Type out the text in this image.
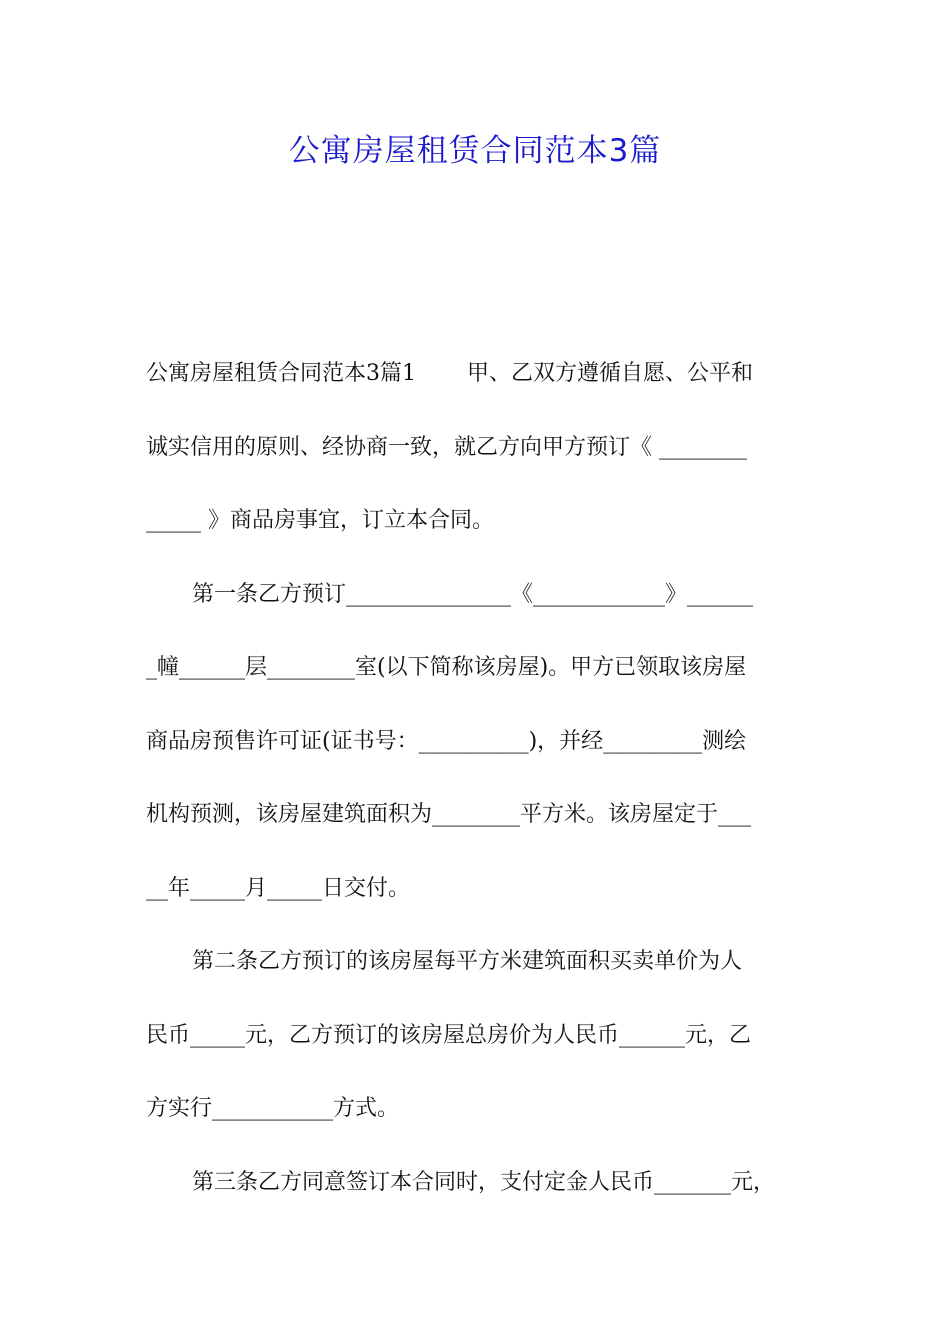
公寓房屋租赁合同范本3篇
公寓房屋租赁合同范本3篇1　　 甲、乙双方遵循自愿、公平和
诚实信用的原则、经协商一致，就乙方向甲方预订《 ________
_____ 》商品房事宜，订立本合同。
第一条乙方预订_______________《____________》______
_幢______层________室(以下简称该房屋)。甲方已领取该房屋
商品房预售许可证(证书号：__________)，并经_________测绘
机构预测，该房屋建筑面积为________平方米。该房屋定于___
__年_____月_____日交付。
第二条乙方预订的该房屋每平方米建筑面积买卖单价为人
民币_____元，乙方预订的该房屋总房价为人民币______元，乙
方实行___________方式。
第三条乙方同意签订本合同时，支付定金人民币_______元，
